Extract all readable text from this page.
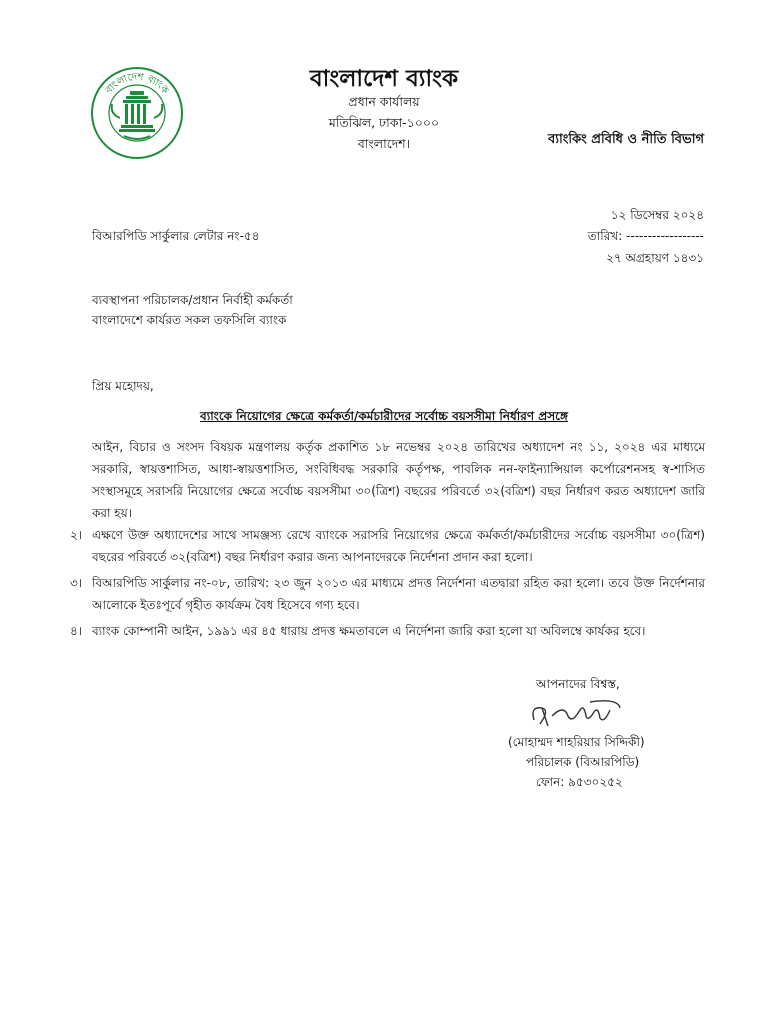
বাংলাদেশ ব্যাংক	বাংলাদেশ ব্যাংক
প্রধান কার্যালয়
মতিঝিল, ঢাকা-১০০০
বাংলাদেশ।	ব্যাংকিং প্রবিধি ও নীতি বিভাগ
১২ ডিসেম্বর ২০২৪
বিআরপিডি সার্কুলার লেটার নং-৫৪	তারিখ: ------------------
২৭ অগ্রহায়ণ ১৪৩১
ব্যবস্থাপনা পরিচালক/প্রধান নির্বাহী কর্মকর্তা
বাংলাদেশে কার্যরত সকল তফসিলি ব্যাংক
প্রিয় মহোদয়,
ব্যাংকে নিয়োগের ক্ষেত্রে কর্মকর্তা/কর্মচারীদের সর্বোচ্চ বয়সসীমা নির্ধারণ প্রসঙ্গে
আইন, বিচার ও সংসদ বিষয়ক মন্ত্রণালয় কর্তৃক প্রকাশিত ১৮ নভেম্বর ২০২৪ তারিখের অধ্যাদেশ নং ১১, ২০২৪ এর মাধ্যমে সরকারি, স্বায়ত্তশাসিত, আধা-স্বায়ত্তশাসিত, সংবিধিবদ্ধ সরকারি কর্তৃপক্ষ, পাবলিক নন-ফাইন্যান্সিয়াল কর্পোরেশনসহ স্ব-শাসিত সংস্থাসমূহে সরাসরি নিয়োগের ক্ষেত্রে সর্বোচ্চ বয়সসীমা ৩০(ত্রিশ) বছরের পরিবর্তে ৩২(বত্রিশ) বছর নির্ধারণ করত অধ্যাদেশ জারি করা হয়।
২। এক্ষণে উক্ত অধ্যাদেশের সাথে সামঞ্জস্য রেখে ব্যাংকে সরাসরি নিয়োগের ক্ষেত্রে কর্মকর্তা/কর্মচারীদের সর্বোচ্চ বয়সসীমা ৩০(ত্রিশ) বছরের পরিবর্তে ৩২(বত্রিশ) বছর নির্ধারণ করার জন্য আপনাদেরকে নির্দেশনা প্রদান করা হলো।
৩। বিআরপিডি সার্কুলার নং-০৮, তারিখ: ২৩ জুন ২০১৩ এর মাধ্যমে প্রদত্ত নির্দেশনা এতদ্বারা রহিত করা হলো। তবে উক্ত নির্দেশনার আলোকে ইতঃপূর্বে গৃহীত কার্যক্রম বৈধ হিসেবে গণ্য হবে।
৪। ব্যাংক কোম্পানী আইন, ১৯৯১ এর ৪৫ ধারায় প্রদত্ত ক্ষমতাবলে এ নির্দেশনা জারি করা হলো যা অবিলম্বে কার্যকর হবে।
আপনাদের বিশ্বস্ত,
(মোহাম্মদ শাহরিয়ার সিদ্দিকী)
পরিচালক (বিআরপিডি)
ফোন: ৯৫৩০২৫২
